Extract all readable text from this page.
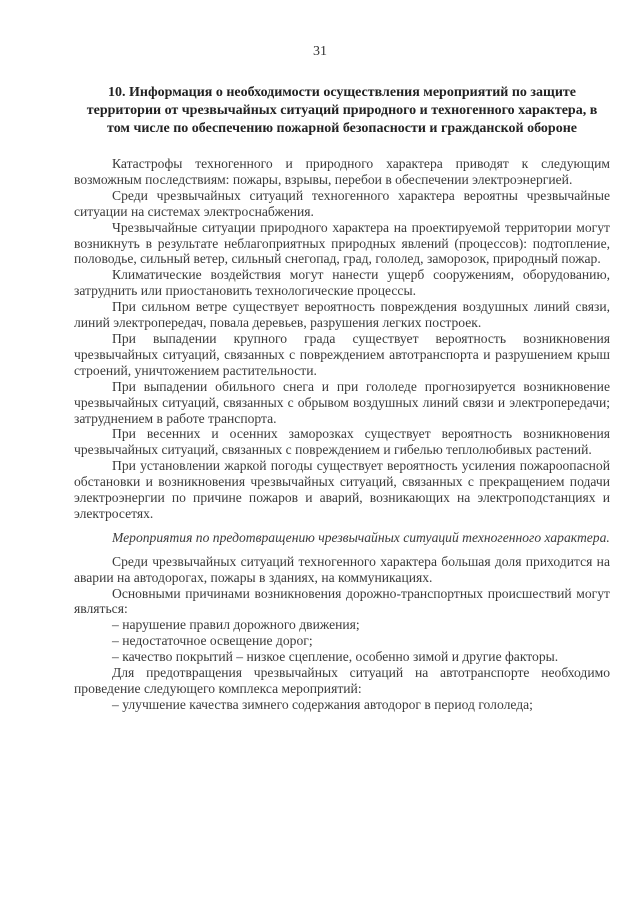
31
10. Информация о необходимости осуществления мероприятий по защите территории от чрезвычайных ситуаций природного и техногенного характера, в том числе по обеспечению пожарной безопасности и гражданской обороне

Катастрофы техногенного и природного характера приводят к следующим возможным последствиям: пожары, взрывы, перебои в обеспечении электроэнергией.

Среди чрезвычайных ситуаций техногенного характера вероятны чрезвычайные ситуации на системах электроснабжения.

Чрезвычайные ситуации природного характера на проектируемой территории могут возникнуть в результате неблагоприятных природных явлений (процессов): подтопление, половодье, сильный ветер, сильный снегопад, град, гололед, заморозок, природный пожар.

Климатические воздействия могут нанести ущерб сооружениям, оборудованию, затруднить или приостановить технологические процессы.

При сильном ветре существует вероятность повреждения воздушных линий связи, линий электропередач, повала деревьев, разрушения легких построек.

При выпадении крупного града существует вероятность возникновения чрезвычайных ситуаций, связанных с повреждением автотранспорта и разрушением крыш строений, уничтожением растительности.

При выпадении обильного снега и при гололеде прогнозируется возникновение чрезвычайных ситуаций, связанных с обрывом воздушных линий связи и электропередачи; затруднением в работе транспорта.

При весенних и осенних заморозках существует вероятность возникновения чрезвычайных ситуаций, связанных с повреждением и гибелью теплолюбивых растений.

При установлении жаркой погоды существует вероятность усиления пожароопасной обстановки и возникновения чрезвычайных ситуаций, связанных с прекращением подачи электроэнергии по причине пожаров и аварий, возникающих на электроподстанциях и электросетях.

Мероприятия по предотвращению чрезвычайных ситуаций техногенного характера.

Среди чрезвычайных ситуаций техногенного характера большая доля приходится на аварии на автодорогах, пожары в зданиях, на коммуникациях.

Основными причинами возникновения дорожно-транспортных происшествий могут являться:

– нарушение правил дорожного движения;

– недостаточное освещение дорог;

– качество покрытий – низкое сцепление, особенно зимой и другие факторы.

Для предотвращения чрезвычайных ситуаций на автотранспорте необходимо проведение следующего комплекса мероприятий:

– улучшение качества зимнего содержания автодорог в период гололеда;
